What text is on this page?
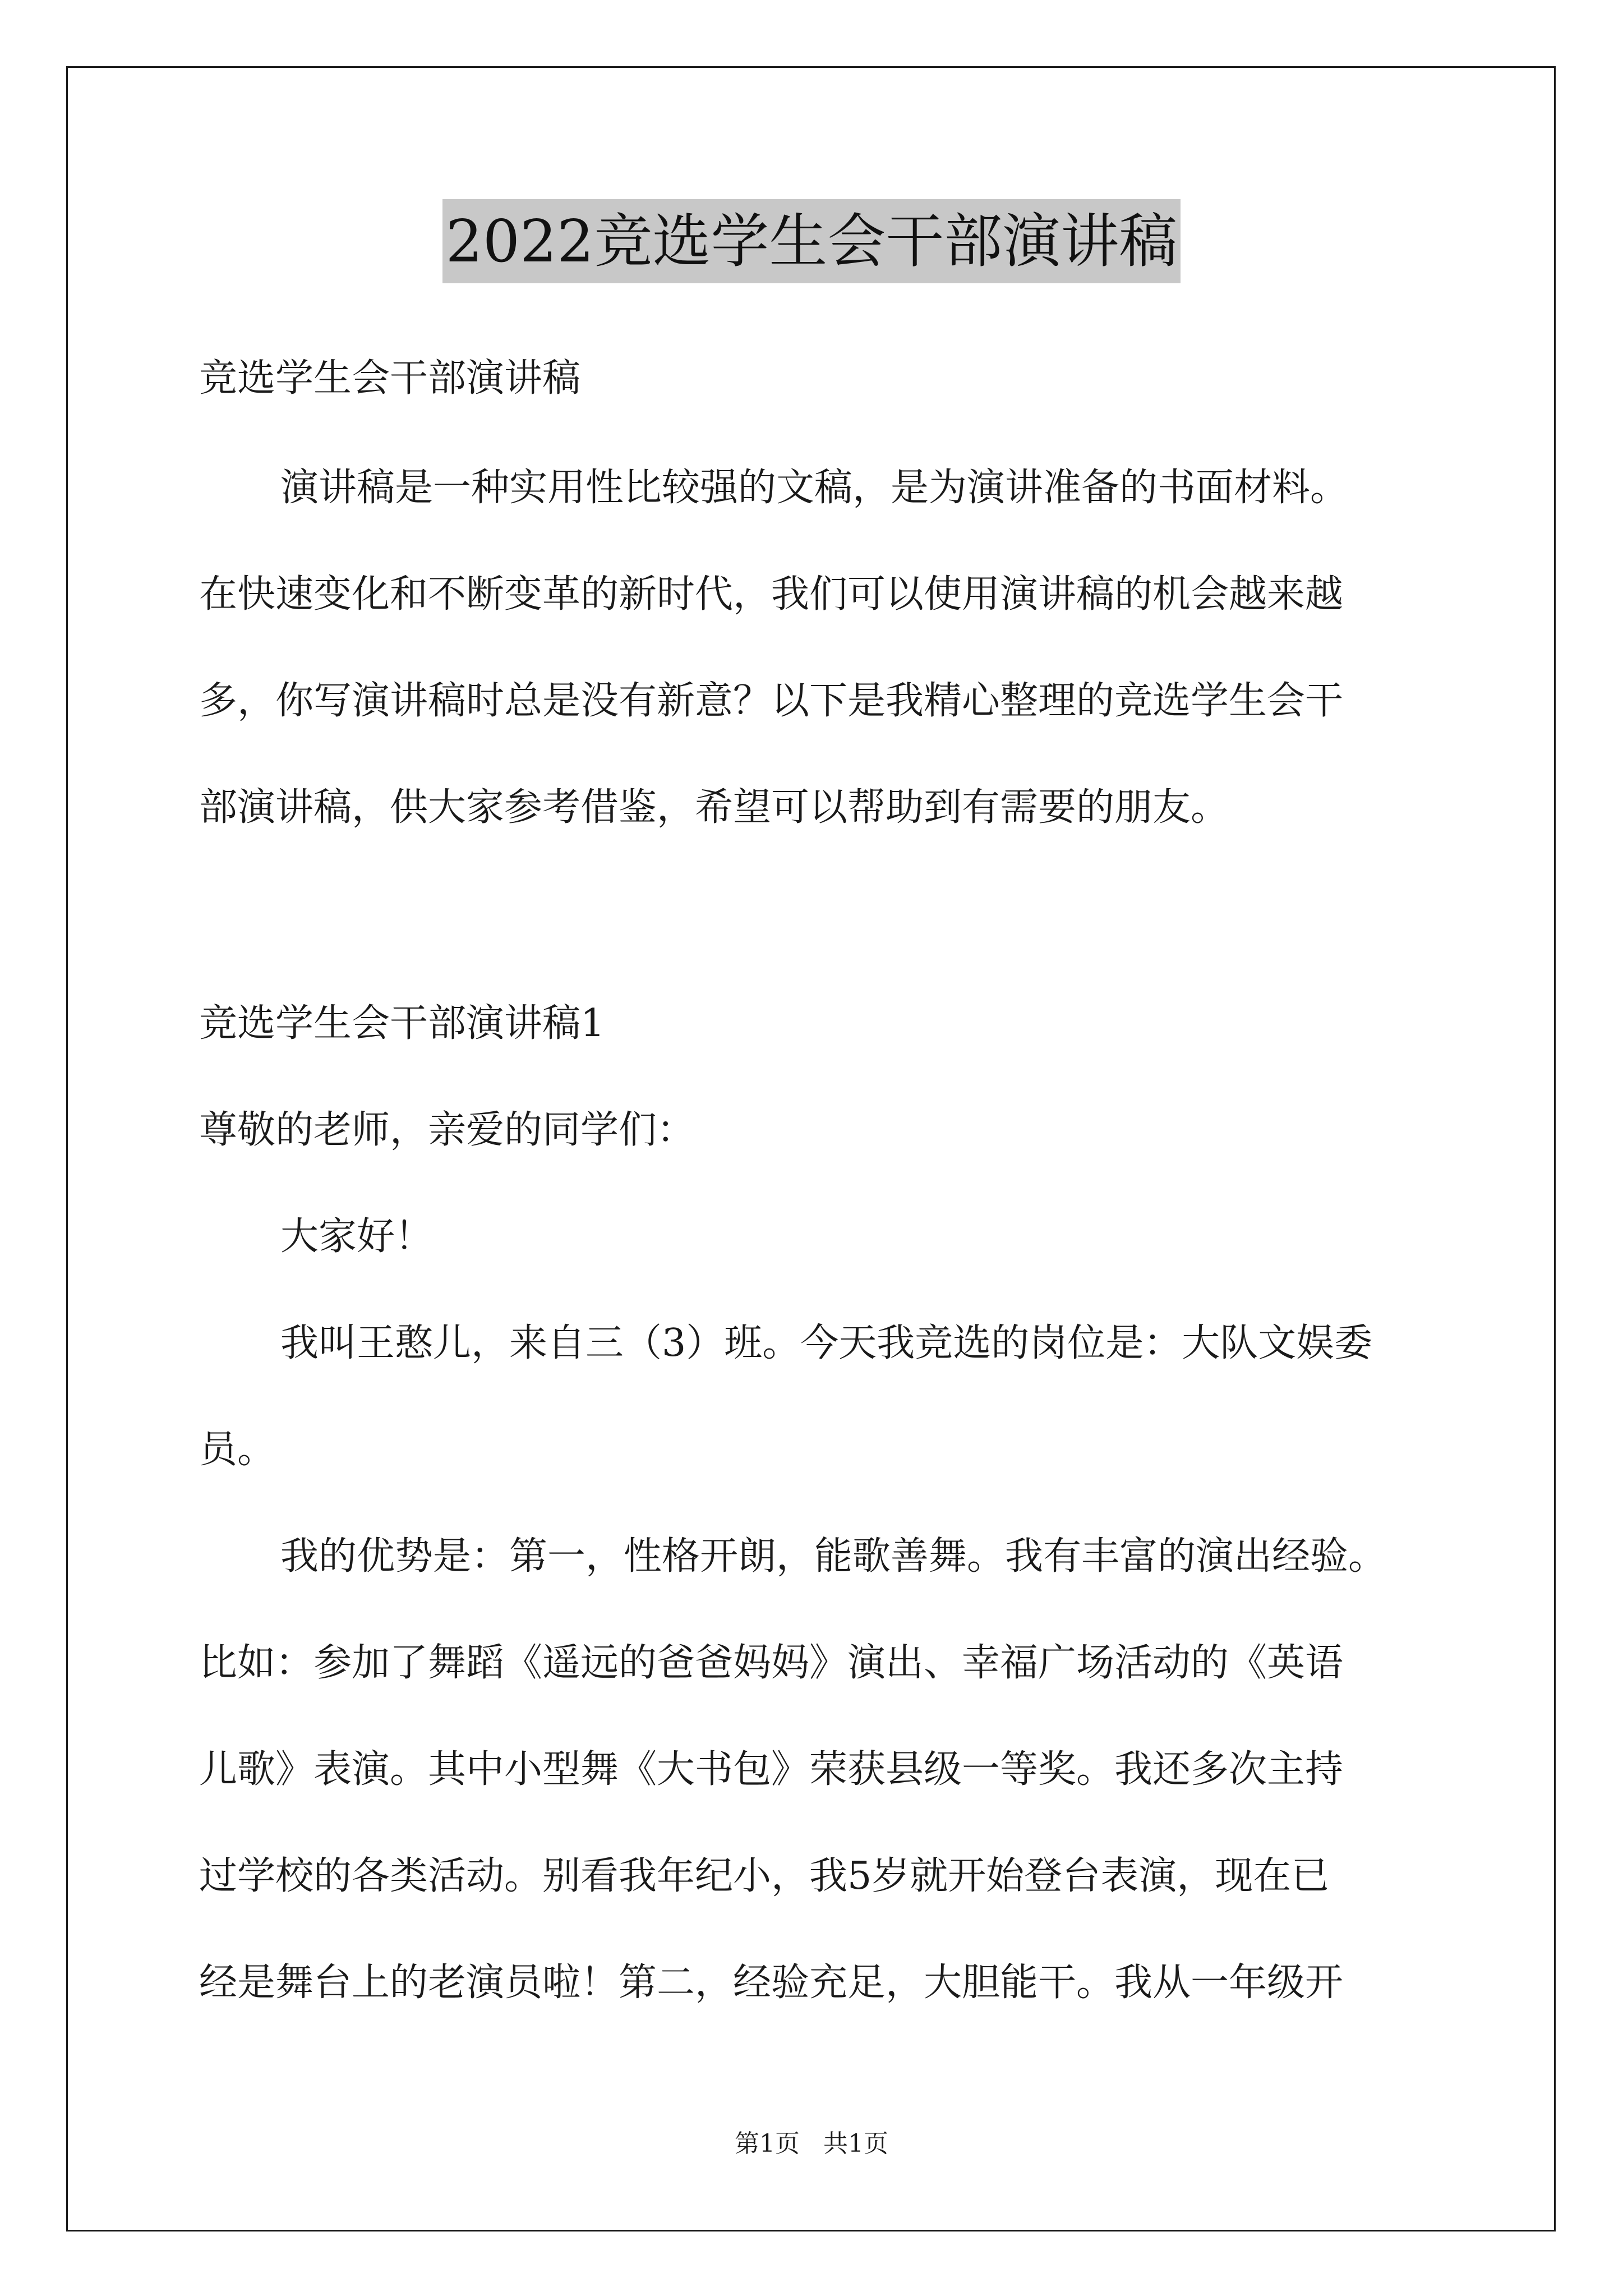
2022竞选学生会干部演讲稿
竞选学生会干部演讲稿
演讲稿是一种实用性比较强的文稿，是为演讲准备的书面材料。
在快速变化和不断变革的新时代，我们可以使用演讲稿的机会越来越
多，你写演讲稿时总是没有新意？以下是我精心整理的竞选学生会干
部演讲稿，供大家参考借鉴，希望可以帮助到有需要的朋友。
竞选学生会干部演讲稿1
尊敬的老师，亲爱的同学们：
大家好！
我叫王憨儿，来自三（3）班。今天我竞选的岗位是：大队文娱委
员。
我的优势是：第一，性格开朗，能歌善舞。我有丰富的演出经验。
比如：参加了舞蹈《遥远的爸爸妈妈》演出、幸福广场活动的《英语
儿歌》表演。其中小型舞《大书包》荣获县级一等奖。我还多次主持
过学校的各类活动。别看我年纪小，我5岁就开始登台表演，现在已
经是舞台上的老演员啦！第二，经验充足，大胆能干。我从一年级开
第1页   共1页
